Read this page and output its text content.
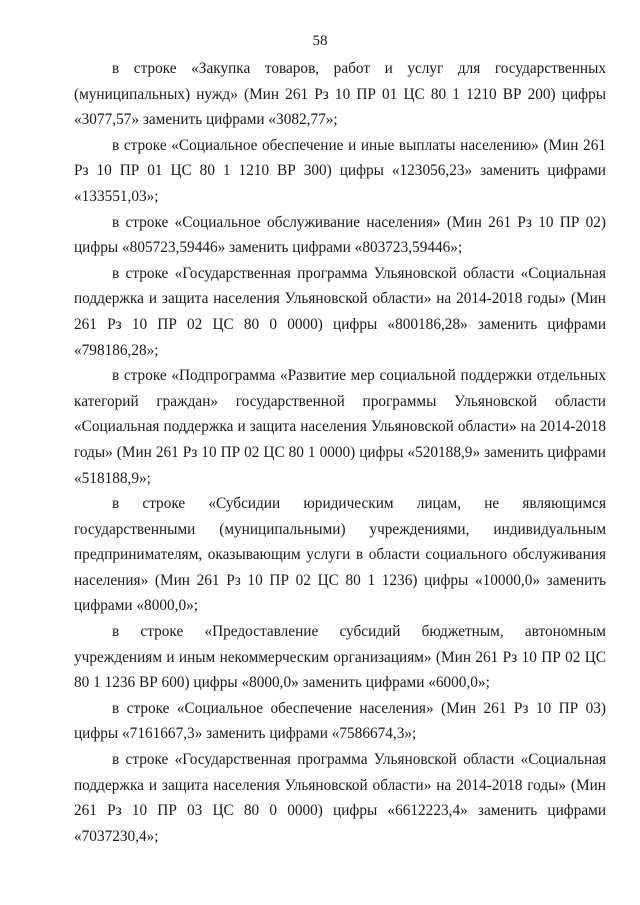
58

в строке «Закупка товаров, работ и услуг для государственных (муниципальных) нужд» (Мин 261 Рз 10 ПР 01 ЦС 80 1 1210 ВР 200) цифры «3077,57» заменить цифрами «3082,77»;

в строке «Социальное обеспечение и иные выплаты населению» (Мин 261 Рз 10 ПР 01 ЦС 80 1 1210 ВР 300) цифры «123056,23» заменить цифрами «133551,03»;

в строке «Социальное обслуживание населения» (Мин 261 Рз 10 ПР 02) цифры «805723,59446» заменить цифрами «803723,59446»;

в строке «Государственная программа Ульяновской области «Социальная поддержка и защита населения Ульяновской области» на 2014-2018 годы» (Мин 261 Рз 10 ПР 02 ЦС 80 0 0000) цифры «800186,28» заменить цифрами «798186,28»;

в строке «Подпрограмма «Развитие мер социальной поддержки отдельных категорий граждан» государственной программы Ульяновской области «Социальная поддержка и защита населения Ульяновской области» на 2014-2018 годы» (Мин 261 Рз 10 ПР 02 ЦС 80 1 0000) цифры «520188,9» заменить цифрами «518188,9»;

в строке «Субсидии юридическим лицам, не являющимся государственными (муниципальными) учреждениями, индивидуальным предпринимателям, оказывающим услуги в области социального обслуживания населения» (Мин 261 Рз 10 ПР 02 ЦС 80 1 1236) цифры «10000,0» заменить цифрами «8000,0»;

в строке «Предоставление субсидий бюджетным, автономным учреждениям и иным некоммерческим организациям» (Мин 261 Рз 10 ПР 02 ЦС 80 1 1236 ВР 600) цифры «8000,0» заменить цифрами «6000,0»;

в строке «Социальное обеспечение населения» (Мин 261 Рз 10 ПР 03) цифры «7161667,3» заменить цифрами «7586674,3»;

в строке «Государственная программа Ульяновской области «Социальная поддержка и защита населения Ульяновской области» на 2014-2018 годы» (Мин 261 Рз 10 ПР 03 ЦС 80 0 0000) цифры «6612223,4» заменить цифрами «7037230,4»;
